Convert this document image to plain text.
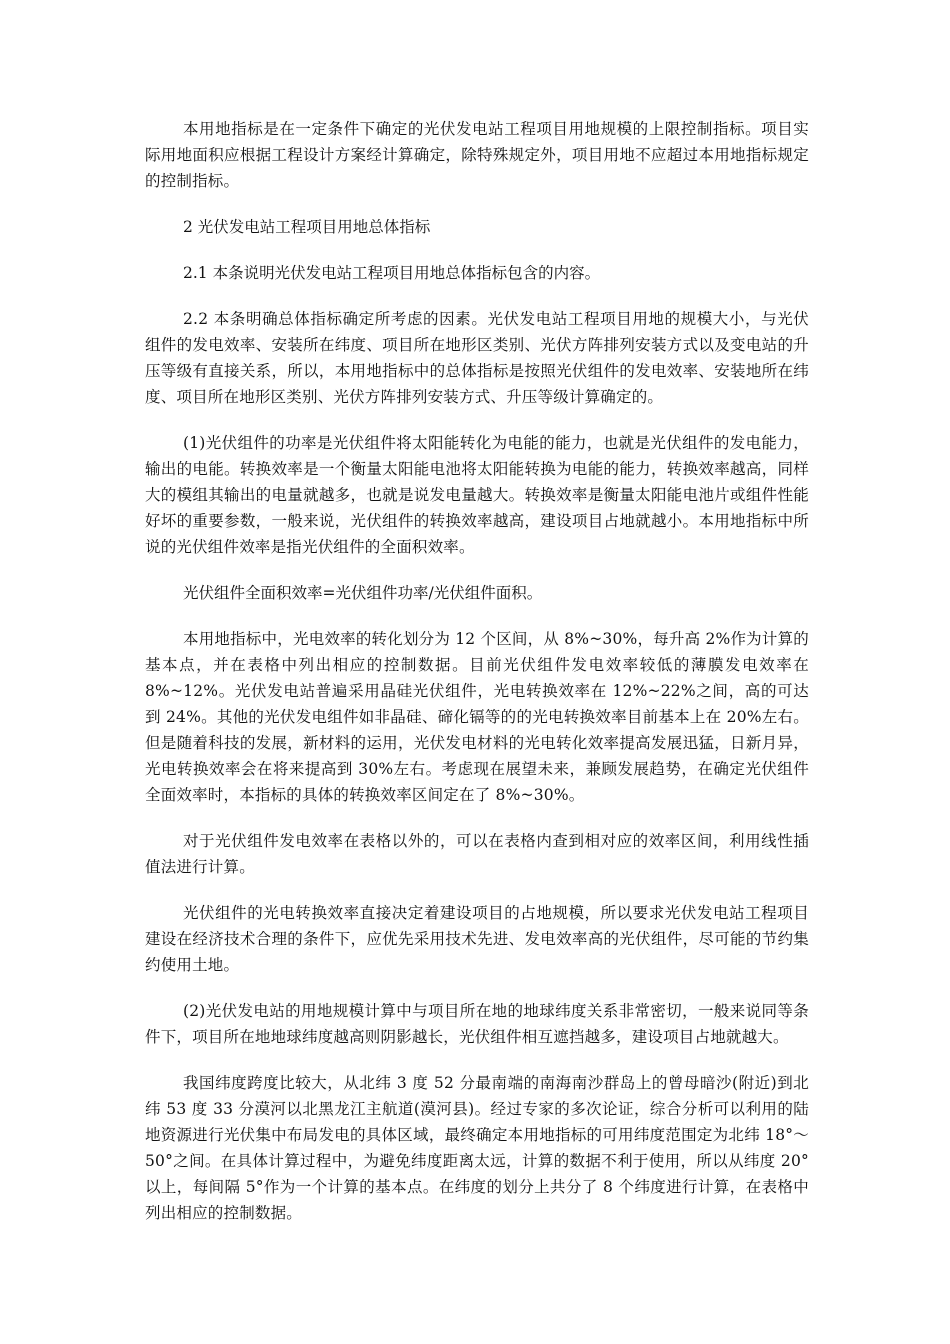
本用地指标是在一定条件下确定的光伏发电站工程项目用地规模的上限控制指标。项目实际用地面积应根据工程设计方案经计算确定，除特殊规定外，项目用地不应超过本用地指标规定的控制指标。

2 光伏发电站工程项目用地总体指标

2.1 本条说明光伏发电站工程项目用地总体指标包含的内容。

2.2 本条明确总体指标确定所考虑的因素。光伏发电站工程项目用地的规模大小，与光伏组件的发电效率、安装所在纬度、项目所在地形区类别、光伏方阵排列安装方式以及变电站的升压等级有直接关系，所以，本用地指标中的总体指标是按照光伏组件的发电效率、安装地所在纬度、项目所在地形区类别、光伏方阵排列安装方式、升压等级计算确定的。

(1)光伏组件的功率是光伏组件将太阳能转化为电能的能力，也就是光伏组件的发电能力，输出的电能。转换效率是一个衡量太阳能电池将太阳能转换为电能的能力，转换效率越高，同样大的模组其输出的电量就越多，也就是说发电量越大。转换效率是衡量太阳能电池片或组件性能好坏的重要参数，一般来说，光伏组件的转换效率越高，建设项目占地就越小。本用地指标中所说的光伏组件效率是指光伏组件的全面积效率。

光伏组件全面积效率=光伏组件功率/光伏组件面积。

本用地指标中，光电效率的转化划分为 12 个区间，从 8%~30%，每升高 2%作为计算的基本点，并在表格中列出相应的控制数据。目前光伏组件发电效率较低的薄膜发电效率在 8%~12%。光伏发电站普遍采用晶硅光伏组件，光电转换效率在 12%~22%之间，高的可达到 24%。其他的光伏发电组件如非晶硅、碲化镉等的的光电转换效率目前基本上在 20%左右。但是随着科技的发展，新材料的运用，光伏发电材料的光电转化效率提高发展迅猛，日新月异，光电转换效率会在将来提高到 30%左右。考虑现在展望未来，兼顾发展趋势，在确定光伏组件全面效率时，本指标的具体的转换效率区间定在了 8%~30%。

对于光伏组件发电效率在表格以外的，可以在表格内查到相对应的效率区间，利用线性插值法进行计算。

光伏组件的光电转换效率直接决定着建设项目的占地规模，所以要求光伏发电站工程项目建设在经济技术合理的条件下，应优先采用技术先进、发电效率高的光伏组件，尽可能的节约集约使用土地。

(2)光伏发电站的用地规模计算中与项目所在地的地球纬度关系非常密切，一般来说同等条件下，项目所在地地球纬度越高则阴影越长，光伏组件相互遮挡越多，建设项目占地就越大。

我国纬度跨度比较大，从北纬 3 度 52 分最南端的南海南沙群岛上的曾母暗沙(附近)到北纬 53 度 33 分漠河以北黑龙江主航道(漠河县)。经过专家的多次论证，综合分析可以利用的陆地资源进行光伏集中布局发电的具体区域，最终确定本用地指标的可用纬度范围定为北纬 18°～50°之间。在具体计算过程中，为避免纬度距离太远，计算的数据不利于使用，所以从纬度 20°以上，每间隔 5°作为一个计算的基本点。在纬度的划分上共分了 8 个纬度进行计算，在表格中列出相应的控制数据。
